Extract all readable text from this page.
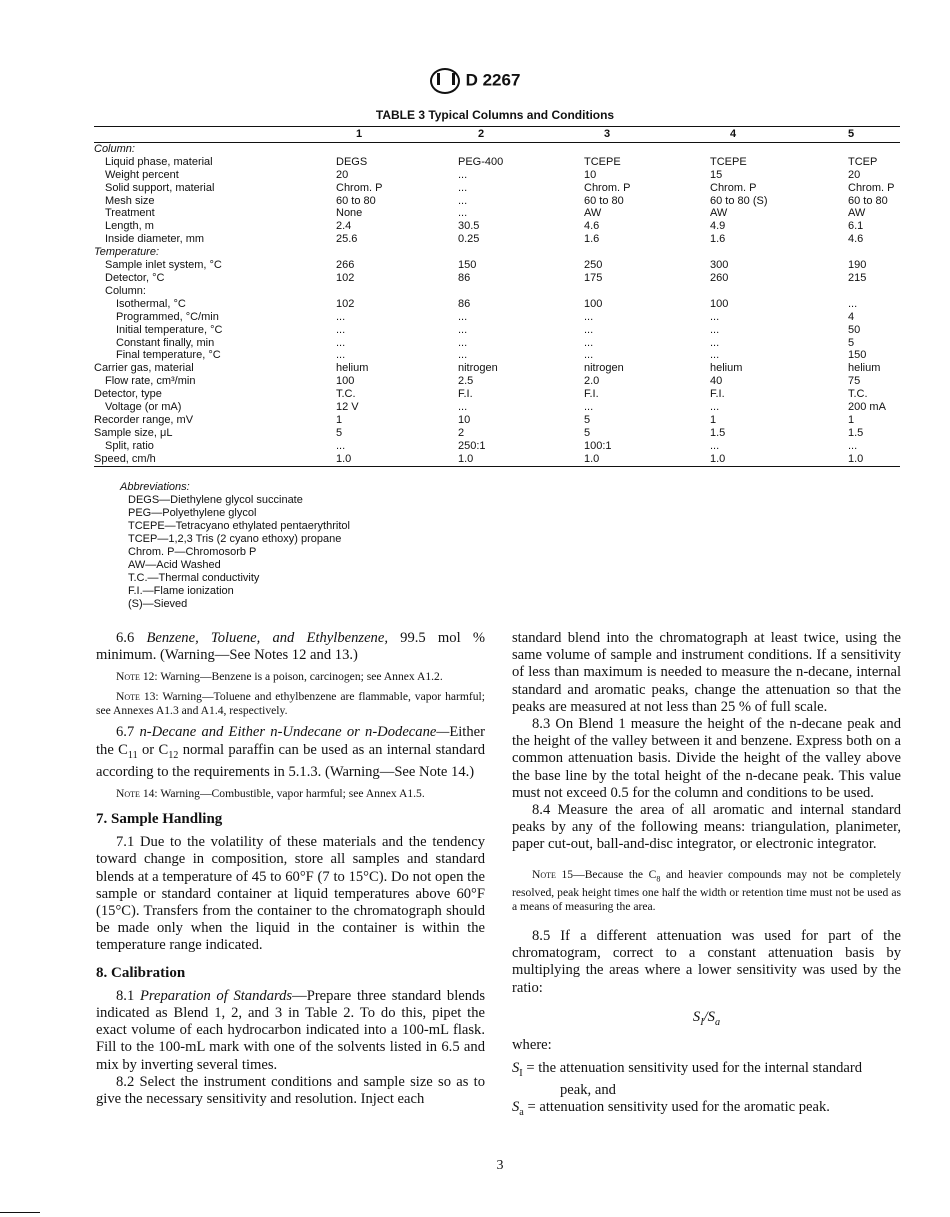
D 2267
TABLE 3 Typical Columns and Conditions
	1	2	3	4	5
Column:					
Liquid phase, material	DEGS	PEG-400	TCEPE	TCEPE	TCEP
Weight percent	20	...	10	15	20
Solid support, material	Chrom. P	...	Chrom. P	Chrom. P	Chrom. P
Mesh size	60 to 80	...	60 to 80	60 to 80 (S)	60 to 80
Treatment	None	...	AW	AW	AW
Length, m	2.4	30.5	4.6	4.9	6.1
Inside diameter, mm	25.6	0.25	1.6	1.6	4.6
Temperature:					
Sample inlet system, °C	266	150	250	300	190
Detector, °C	102	86	175	260	215
Column:					
Isothermal, °C	102	86	100	100	...
Programmed, °C/min	...	...	...	...	4
Initial temperature, °C	...	...	...	...	50
Constant finally, min	...	...	...	...	5
Final temperature, °C	...	...	...	...	150
Carrier gas, material	helium	nitrogen	nitrogen	helium	helium
Flow rate, cm³/min	100	2.5	2.0	40	75
Detector, type	T.C.	F.I.	F.I.	F.I.	T.C.
Voltage (or mA)	12 V	...	...	...	200 mA
Recorder range, mV	1	10	5	1	1
Sample size, μL	5	2	5	1.5	1.5
Split, ratio	...	250:1	100:1	...	...
Speed, cm/h	1.0	1.0	1.0	1.0	1.0
Abbreviations:
DEGS—Diethylene glycol succinate
PEG—Polyethylene glycol
TCEPE—Tetracyano ethylated pentaerythritol
TCEP—1,2,3 Tris (2 cyano ethoxy) propane
Chrom. P—Chromosorb P
AW—Acid Washed
T.C.—Thermal conductivity
F.I.—Flame ionization
(S)—Sieved

6.6 Benzene, Toluene, and Ethylbenzene, 99.5 mol % minimum. (Warning—See Notes 12 and 13.)

Note 12: Warning—Benzene is a poison, carcinogen; see Annex A1.2.

Note 13: Warning—Toluene and ethylbenzene are flammable, vapor harmful; see Annexes A1.3 and A1.4, respectively.

6.7 n-Decane and Either n-Undecane or n-Dodecane—Either the $C_{11}$ or $C_{12}$ normal paraffin can be used as an internal standard according to the requirements in 5.1.3. (Warning—See Note 14.)

Note 14: Warning—Combustible, vapor harmful; see Annex A1.5.

7. Sample Handling

7.1 Due to the volatility of these materials and the tendency toward change in composition, store all samples and standard blends at a temperature of 45 to 60°F (7 to 15°C). Do not open the sample or standard container at liquid temperatures above 60°F (15°C). Transfers from the container to the chromatograph should be made only when the liquid in the container is within the temperature range indicated.

8. Calibration

8.1 Preparation of Standards—Prepare three standard blends indicated as Blend 1, 2, and 3 in Table 2. To do this, pipet the exact volume of each hydrocarbon indicated into a 100-mL flask. Fill to the 100-mL mark with one of the solvents listed in 6.5 and mix by inverting several times.

8.2 Select the instrument conditions and sample size so as to give the necessary sensitivity and resolution. Inject each

standard blend into the chromatograph at least twice, using the same volume of sample and instrument conditions. If a sensitivity of less than maximum is needed to measure the n-decane, internal standard and aromatic peaks, change the attenuation so that the peaks are measured at not less than 25 % of full scale.

8.3 On Blend 1 measure the height of the n-decane peak and the height of the valley between it and benzene. Express both on a common attenuation basis. Divide the height of the valley above the base line by the total height of the n-decane peak. This value must not exceed 0.5 for the column and conditions to be used.

8.4 Measure the area of all aromatic and internal standard peaks by any of the following means: triangulation, planimeter, paper cut-out, ball-and-disc integrator, or electronic integrator.

Note 15—Because the $C_8$ and heavier compounds may not be completely resolved, peak height times one half the width or retention time must not be used as a means of measuring the area.

8.5 If a different attenuation was used for part of the chromatogram, correct to a constant attenuation basis by multiplying the areas where a lower sensitivity was used by the ratio:

$S_I/S_a$

where:

$S_I$ = the attenuation sensitivity used for the internal standard
peak, and

$S_a$ = attenuation sensitivity used for the aromatic peak.

3
